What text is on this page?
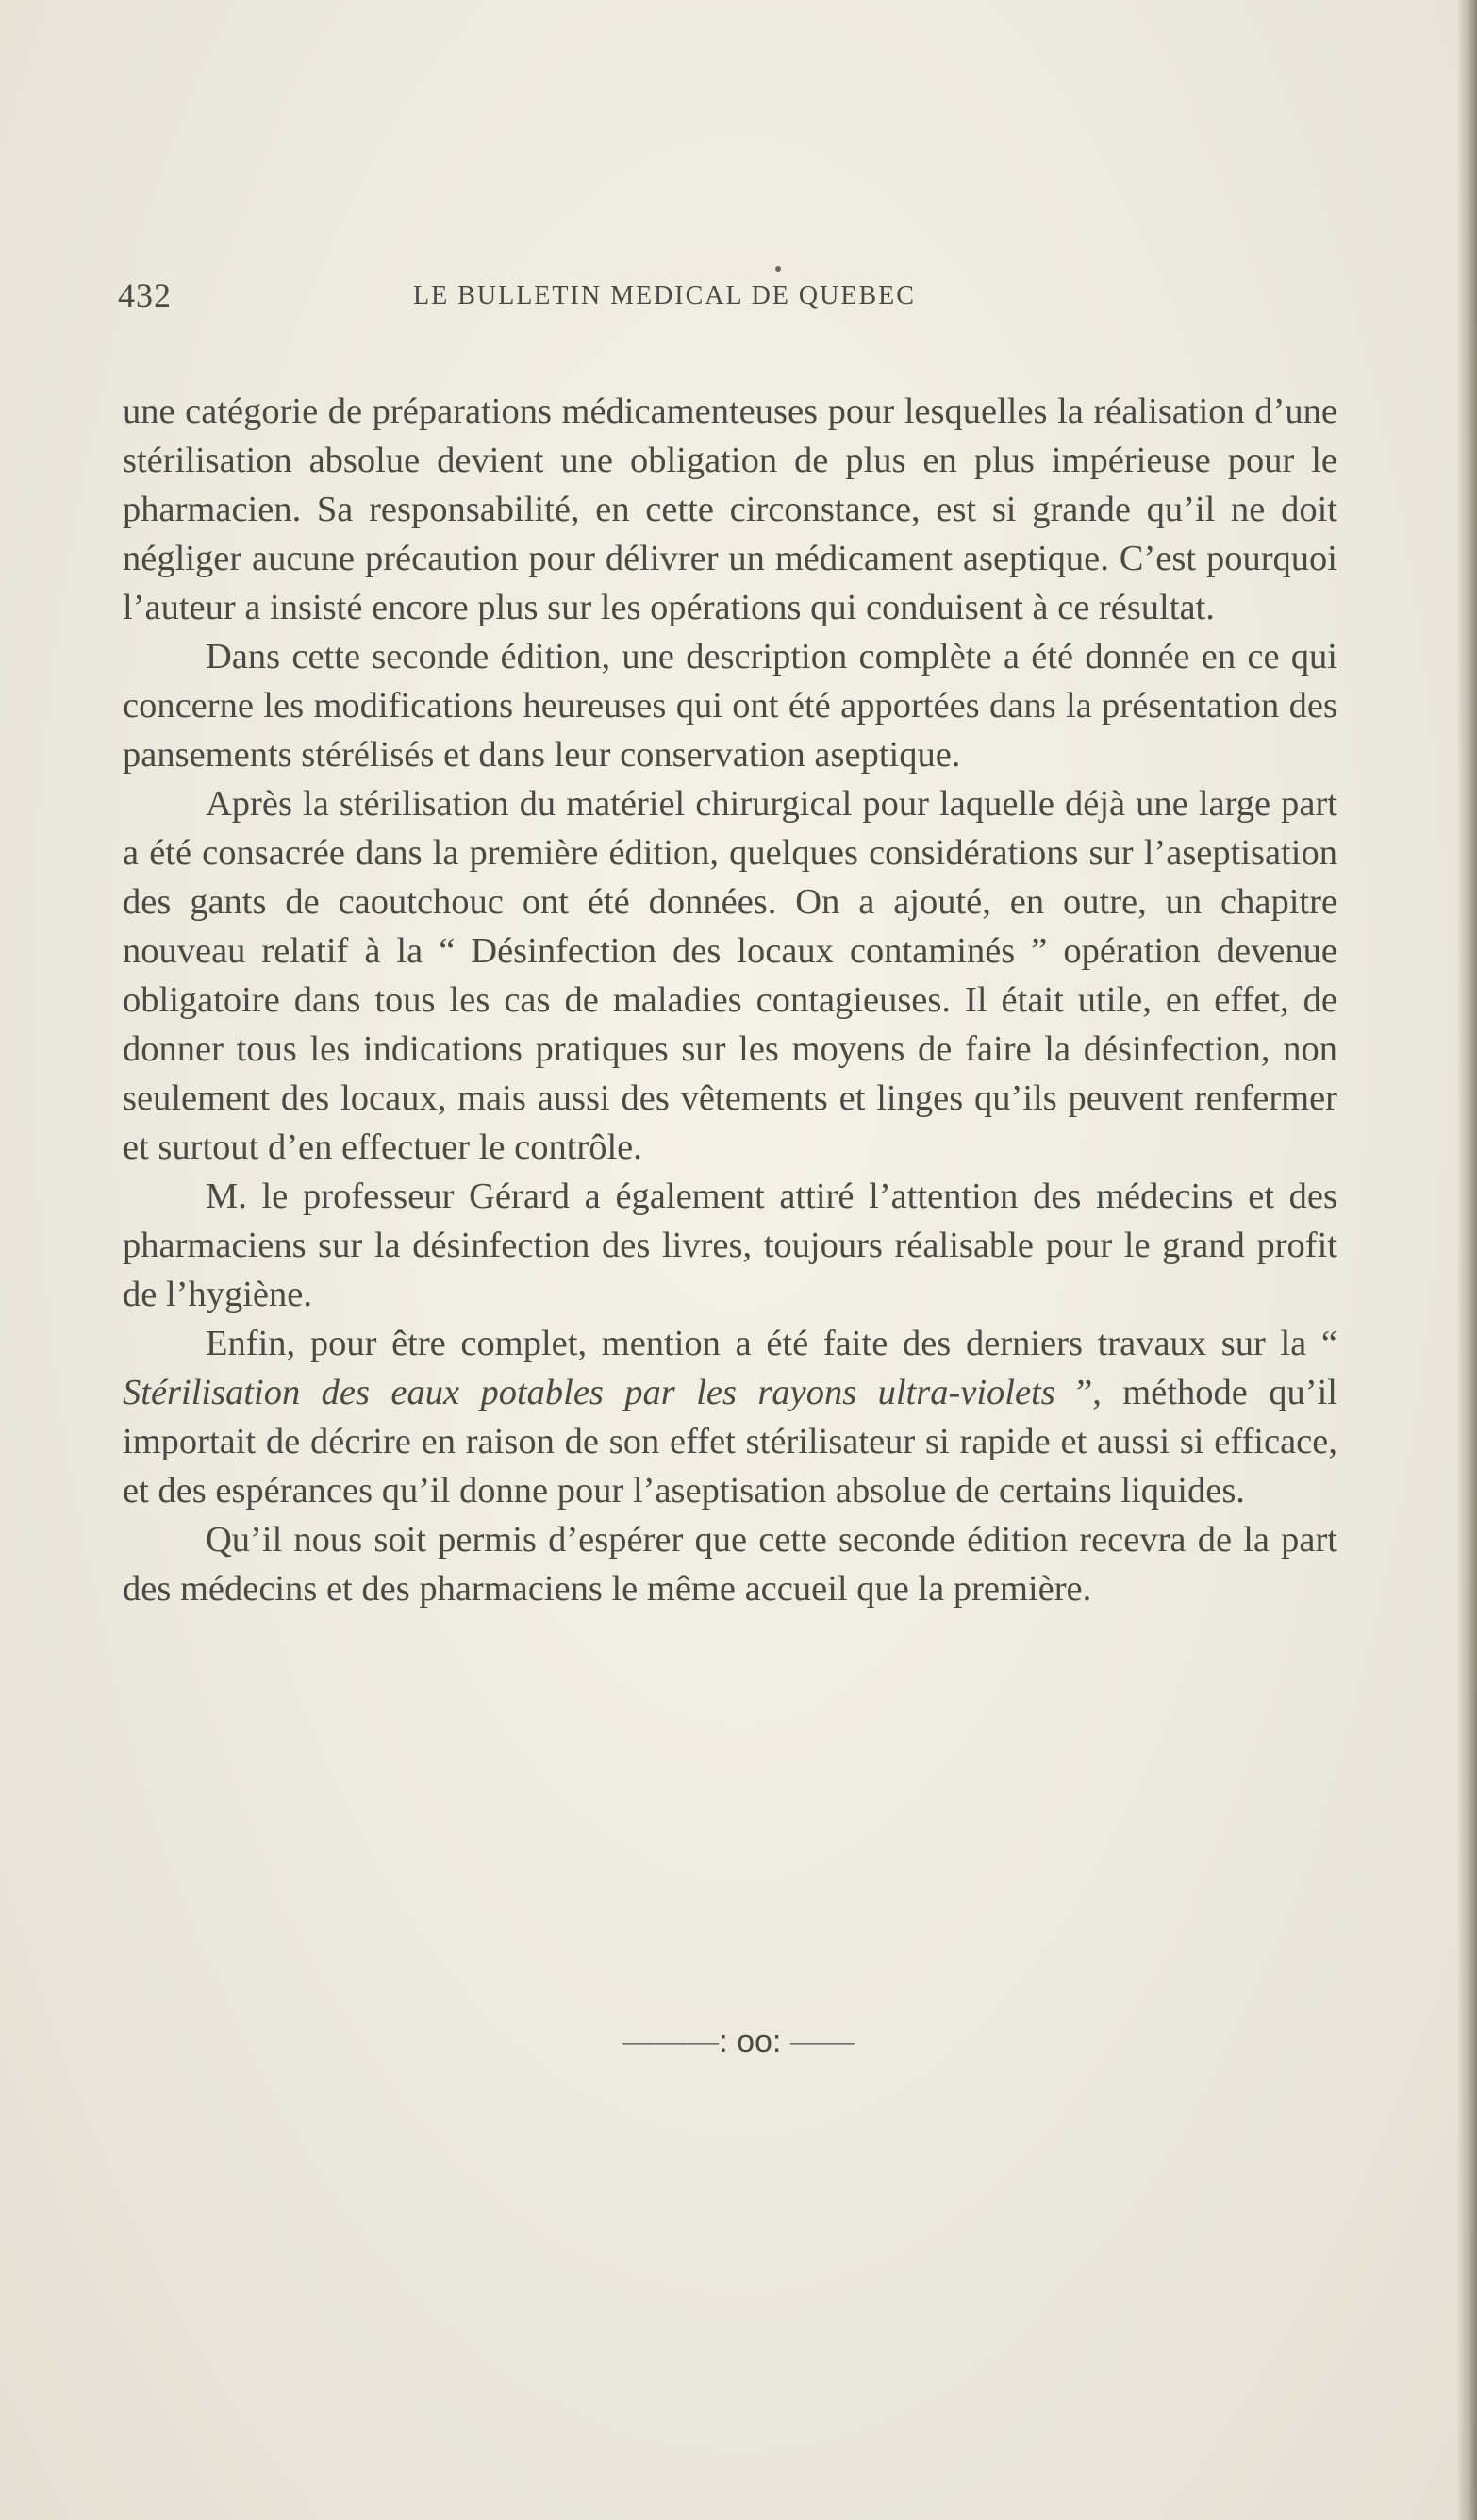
432	LE BULLETIN MEDICAL DE QUEBEC

une catégorie de préparations médicamenteuses pour lesquelles la réalisation d’une stérilisation absolue devient une obligation de plus en plus impérieuse pour le pharmacien. Sa responsabilité, en cette circonstance, est si grande qu’il ne doit négliger aucune précaution pour délivrer un médicament aseptique. C’est pourquoi l’auteur a insisté encore plus sur les opérations qui conduisent à ce résultat.

Dans cette seconde édition, une description complète a été donnée en ce qui concerne les modifications heureuses qui ont été apportées dans la présentation des pansements stérélisés et dans leur conservation aseptique.

Après la stérilisation du matériel chirurgical pour laquelle déjà une large part a été consacrée dans la première édition, quelques considérations sur l’aseptisation des gants de caoutchouc ont été données. On a ajouté, en outre, un chapitre nouveau relatif à la “ Désinfection des locaux contaminés ” opération devenue obligatoire dans tous les cas de maladies contagieuses. Il était utile, en effet, de donner tous les indications pratiques sur les moyens de faire la désinfection, non seulement des locaux, mais aussi des vêtements et linges qu’ils peuvent renfermer et surtout d’en effectuer le contrôle.

M. le professeur Gérard a également attiré l’attention des médecins et des pharmaciens sur la désinfection des livres, toujours réalisable pour le grand profit de l’hygiène.

Enfin, pour être complet, mention a été faite des derniers travaux sur la “ Stérilisation des eaux potables par les rayons ultra-violets ”, méthode qu’il importait de décrire en raison de son effet stérilisateur si rapide et aussi si efficace, et des espérances qu’il donne pour l’aseptisation absolue de certains liquides.

Qu’il nous soit permis d’espérer que cette seconde édition recevra de la part des médecins et des pharmaciens le même accueil que la première.

———: oo: ——
